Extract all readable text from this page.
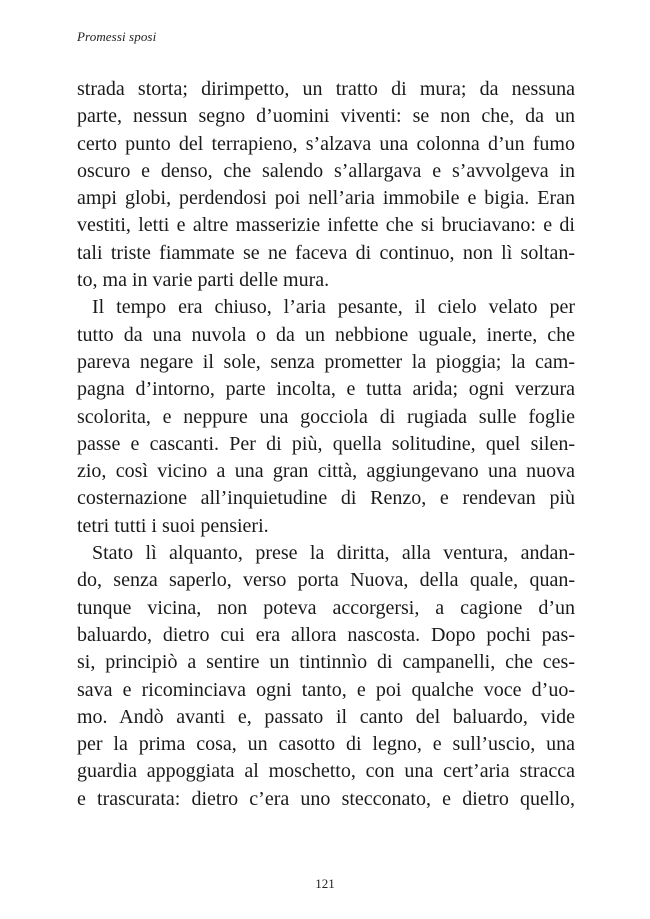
Promessi sposi
strada storta; dirimpetto, un tratto di mura; da nessuna
parte, nessun segno d’uomini viventi: se non che, da un
certo punto del terrapieno, s’alzava una colonna d’un fumo
oscuro e denso, che salendo s’allargava e s’avvolgeva in
ampi globi, perdendosi poi nell’aria immobile e bigia. Eran
vestiti, letti e altre masserizie infette che si bruciavano: e di
tali triste fiammate se ne faceva di continuo, non lì soltan-
to, ma in varie parti delle mura.
Il tempo era chiuso, l’aria pesante, il cielo velato per
tutto da una nuvola o da un nebbione uguale, inerte, che
pareva negare il sole, senza prometter la pioggia; la cam-
pagna d’intorno, parte incolta, e tutta arida; ogni verzura
scolorita, e neppure una gocciola di rugiada sulle foglie
passe e cascanti. Per di più, quella solitudine, quel silen-
zio, così vicino a una gran città, aggiungevano una nuova
costernazione all’inquietudine di Renzo, e rendevan più
tetri tutti i suoi pensieri.
Stato lì alquanto, prese la diritta, alla ventura, andan-
do, senza saperlo, verso porta Nuova, della quale, quan-
tunque vicina, non poteva accorgersi, a cagione d’un
baluardo, dietro cui era allora nascosta. Dopo pochi pas-
si, principiò a sentire un tintinnìo di campanelli, che ces-
sava e ricominciava ogni tanto, e poi qualche voce d’uo-
mo. Andò avanti e, passato il canto del baluardo, vide
per la prima cosa, un casotto di legno, e sull’uscio, una
guardia appoggiata al moschetto, con una cert’aria stracca
e trascurata: dietro c’era uno stecconato, e dietro quello,
121
